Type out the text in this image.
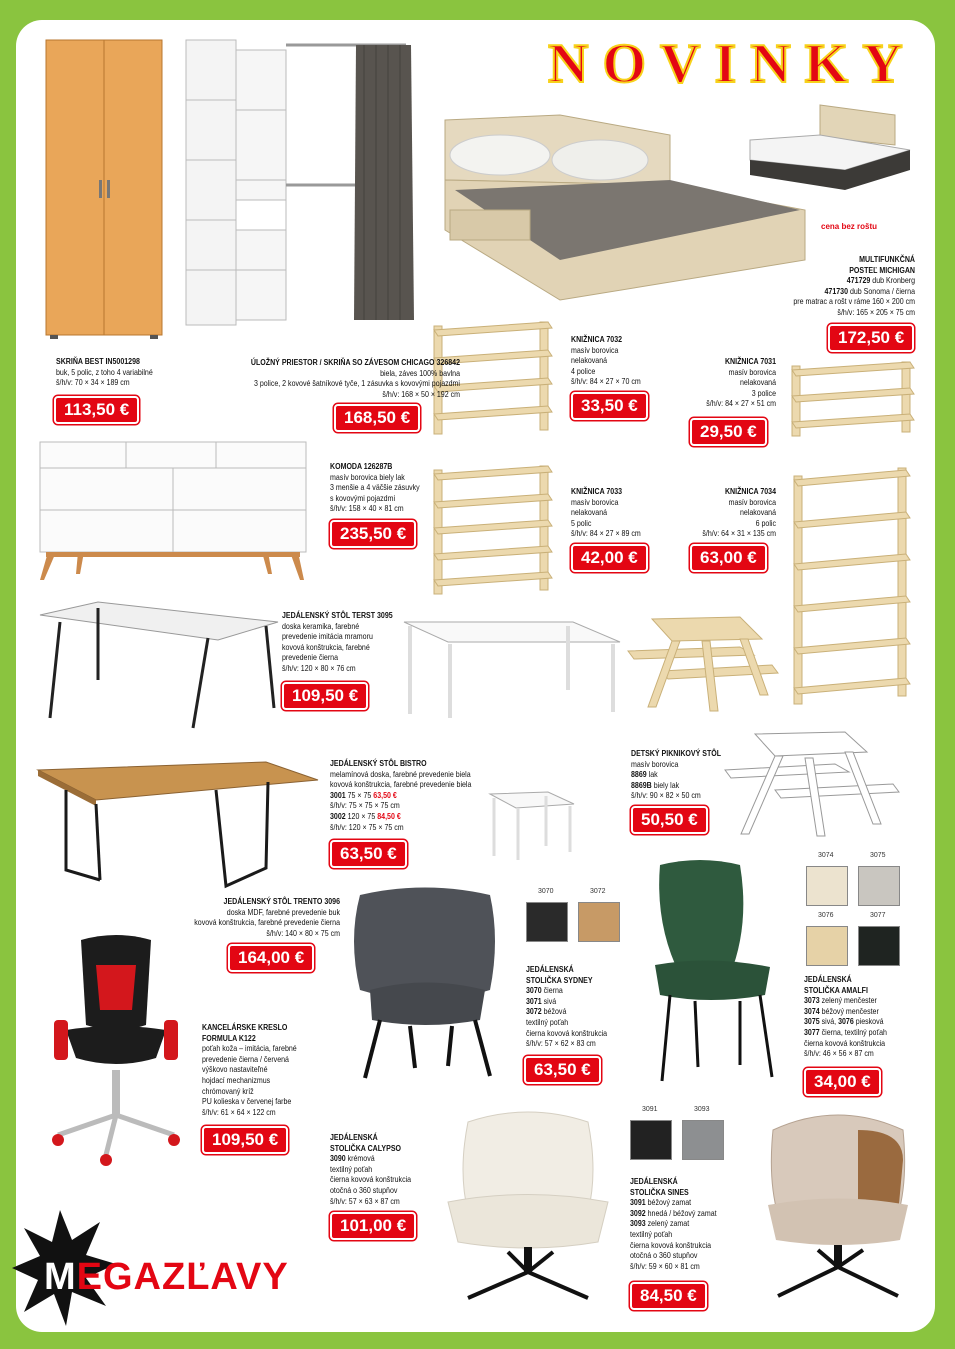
NOVINKY
3070	3072
3074	3075
3076	3077
3091	3093
SKRIŇA BEST IN5001298
buk, 5 polic, z toho 4 variabilné
š/h/v: 70 × 34 × 189 cm
113,50 €
ÚLOŽNÝ PRIESTOR / SKRIŇA SO ZÁVESOM CHICAGO 326842
biela, záves 100% bavlna
3 police, 2 kovové šatníkové tyče, 1 zásuvka s kovovými pojazdmi
š/h/v: 168 × 50 × 192 cm
168,50 €
cena bez roštu
MULTIFUNKČNÁ
POSTEĽ MICHIGAN
471729 dub Kronberg
471730 dub Sonoma / čierna
pre matrac a rošt v ráme 160 × 200 cm
š/h/v: 165 × 205 × 75 cm
172,50 €
KNIŽNICA 7032
masív borovica
nelakovaná
4 police
š/h/v: 84 × 27 × 70 cm
33,50 €
KNIŽNICA 7031
masív borovica
nelakovaná
3 police
š/h/v: 84 × 27 × 51 cm
29,50 €
KOMODA 126287B
masív borovica biely lak
3 menšie a 4 väčšie zásuvky
s kovovými pojazdmi
š/h/v: 158 × 40 × 81 cm
235,50 €
KNIŽNICA 7033
masív borovica
nelakovaná
5 polic
š/h/v: 84 × 27 × 89 cm
42,00 €
KNIŽNICA 7034
masív borovica
nelakovaná
6 polic
š/h/v: 64 × 31 × 135 cm
63,00 €
JEDÁLENSKÝ STÔL TERST 3095
doska keramika, farebné
prevedenie imitácia mramoru
kovová konštrukcia, farebné
prevedenie čierna
š/h/v: 120 × 80 × 76 cm
109,50 €
JEDÁLENSKÝ STÔL BISTRO
melamínová doska, farebné prevedenie biela
kovová konštrukcia, farebné prevedenie biela
3001 75 × 75 63,50 €
š/h/v: 75 × 75 × 75 cm
3002 120 × 75 84,50 €
š/h/v: 120 × 75 × 75 cm
63,50 €
DETSKÝ PIKNIKOVÝ STÔL
masív borovica
8869 lak
8869B biely lak
š/h/v: 90 × 82 × 50 cm
50,50 €
JEDÁLENSKÝ STÔL TRENTO 3096
doska MDF, farebné prevedenie buk
kovová konštrukcia, farebné prevedenie čierna
š/h/v: 140 × 80 × 75 cm
164,00 €
JEDÁLENSKÁ
STOLIČKA SYDNEY
3070 čierna
3071 sivá
3072 béžová
textilný poťah
čierna kovová konštrukcia
š/h/v: 57 × 62 × 83 cm
63,50 €
JEDÁLENSKÁ
STOLIČKA AMALFI
3073 zelený menčester
3074 béžový menčester
3075 sivá, 3076 piesková
3077 čierna, textilný poťah
čierna kovová konštrukcia
š/h/v: 46 × 56 × 87 cm
34,00 €
KANCELÁRSKE KRESLO
FORMULA K122
poťah koža – imitácia, farebné
prevedenie čierna / červená
výškovo nastaviteľné
hojdací mechanizmus
chrómovaný kríž
PU kolieska v červenej farbe
š/h/v: 61 × 64 × 122 cm
109,50 €	JEDÁLENSKÁ
STOLIČKA CALYPSO
3090 krémová
textilný poťah
čierna kovová konštrukcia
otočná o 360 stupňov
š/h/v: 57 × 63 × 87 cm
101,00 €
JEDÁLENSKÁ
STOLIČKA SINES
3091 béžový zamat
3092 hnedá / béžový zamat
3093 zelený zamat
textilný poťah
čierna kovová konštrukcia
otočná o 360 stupňov
š/h/v: 59 × 60 × 81 cm
84,50 €
MEGAZĽAVY
